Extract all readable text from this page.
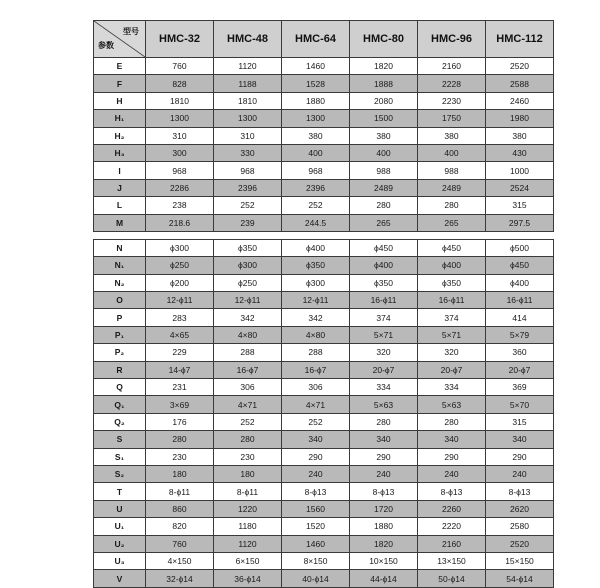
型号
参数	HMC-32	HMC-48	HMC-64	HMC-80	HMC-96	HMC-112
E	760	1120	1460	1820	2160	2520
F	828	1188	1528	1888	2228	2588
H	1810	1810	1880	2080	2230	2460
H₁	1300	1300	1300	1500	1750	1980
H₂	310	310	380	380	380	380
H₃	300	330	400	400	400	430
I	968	968	968	988	988	1000
J	2286	2396	2396	2489	2489	2524
L	238	252	252	280	280	315
M	218.6	239	244.5	265	265	297.5

N	ϕ300	ϕ350	ϕ400	ϕ450	ϕ450	ϕ500
N₁	ϕ250	ϕ300	ϕ350	ϕ400	ϕ400	ϕ450
N₂	ϕ200	ϕ250	ϕ300	ϕ350	ϕ350	ϕ400
O	12-ϕ11	12-ϕ11	12-ϕ11	16-ϕ11	16-ϕ11	16-ϕ11
P	283	342	342	374	374	414
P₁	4×65	4×80	4×80	5×71	5×71	5×79
P₂	229	288	288	320	320	360
R	14-ϕ7	16-ϕ7	16-ϕ7	20-ϕ7	20-ϕ7	20-ϕ7
Q	231	306	306	334	334	369
Q₁	3×69	4×71	4×71	5×63	5×63	5×70
Q₂	176	252	252	280	280	315
S	280	280	340	340	340	340
S₁	230	230	290	290	290	290
S₂	180	180	240	240	240	240
T	8-ϕ11	8-ϕ11	8-ϕ13	8-ϕ13	8-ϕ13	8-ϕ13
U	860	1220	1560	1720	2260	2620
U₁	820	1180	1520	1880	2220	2580
U₂	760	1120	1460	1820	2160	2520
U₃	4×150	6×150	8×150	10×150	13×150	15×150
V	32-ϕ14	36-ϕ14	40-ϕ14	44-ϕ14	50-ϕ14	54-ϕ14
